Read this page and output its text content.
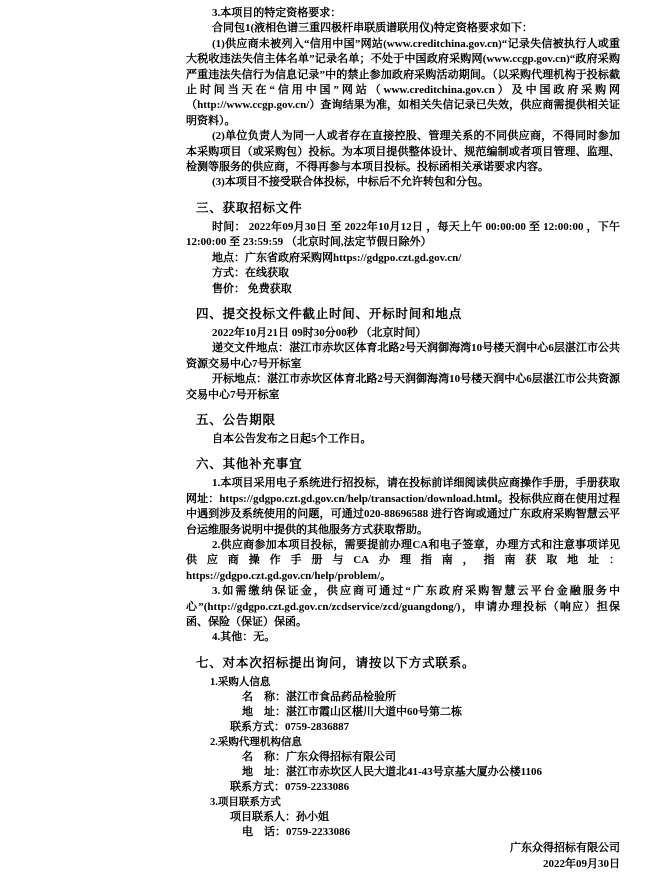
3.本项目的特定资格要求：

合同包1(液相色谱三重四极杆串联质谱联用仪)特定资格要求如下：

(1)供应商未被列入“信用中国”网站(www.creditchina.gov.cn)“记录失信被执行人或重大税收违法失信主体名单”记录名单；不处于中国政府采购网(www.ccgp.gov.cn)“政府采购严重违法失信行为信息记录”中的禁止参加政府采购活动期间。（以采购代理机构于投标截止时间当天在“信用中国”网站（www.creditchina.gov.cn）及中国政府采购网（http://www.ccgp.gov.cn/）查询结果为准，如相关失信记录已失效，供应商需提供相关证明资料）。

(2)单位负责人为同一人或者存在直接控股、管理关系的不同供应商，不得同时参加本采购项目（或采购包）投标。为本项目提供整体设计、规范编制或者项目管理、监理、检测等服务的供应商，不得再参与本项目投标。投标函相关承诺要求内容。

(3)本项目不接受联合体投标，中标后不允许转包和分包。

三、获取招标文件

时间： 2022年09月30日 至 2022年10月12日 ，每天上午 00:00:00 至 12:00:00 ，下午 12:00:00 至 23:59:59 （北京时间,法定节假日除外）

地点：广东省政府采购网https://gdgpo.czt.gd.gov.cn/

方式：在线获取

售价： 免费获取

四、提交投标文件截止时间、开标时间和地点

2022年10月21日 09时30分00秒 （北京时间）

递交文件地点：湛江市赤坎区体育北路2号天润御海湾10号楼天润中心6层湛江市公共资源交易中心7号开标室

开标地点：湛江市赤坎区体育北路2号天润御海湾10号楼天润中心6层湛江市公共资源交易中心7号开标室

五、公告期限

自本公告发布之日起5个工作日。

六、其他补充事宜

1.本项目采用电子系统进行招投标，请在投标前详细阅读供应商操作手册，手册获取网址：https://gdgpo.czt.gd.gov.cn/help/transaction/download.html。投标供应商在使用过程中遇到涉及系统使用的问题，可通过020-88696588 进行咨询或通过广东政府采购智慧云平台运维服务说明中提供的其他服务方式获取帮助。

2.供应商参加本项目投标，需要提前办理CA和电子签章，办理方式和注意事项详见供应商操作手册与CA办理指南，指南获取地址：https://gdgpo.czt.gd.gov.cn/help/problem/。

3.如需缴纳保证金，供应商可通过“广东政府采购智慧云平台金融服务中心”(http://gdgpo.czt.gd.gov.cn/zcdservice/zcd/guangdong/)，申请办理投标（响应）担保函、保险（保证）保函。

4.其他：无。

七、对本次招标提出询问，请按以下方式联系。

1.采购人信息

名　称：湛江市食品药品检验所

地　址：湛江市霞山区椹川大道中60号第二栋

联系方式：0759-2836887

2.采购代理机构信息

名　称：广东众得招标有限公司

地　址：湛江市赤坎区人民大道北41-43号京基大厦办公楼1106

联系方式：0759-2233086

3.项目联系方式

项目联系人：孙小姐

电　话：0759-2233086

广东众得招标有限公司

2022年09月30日
